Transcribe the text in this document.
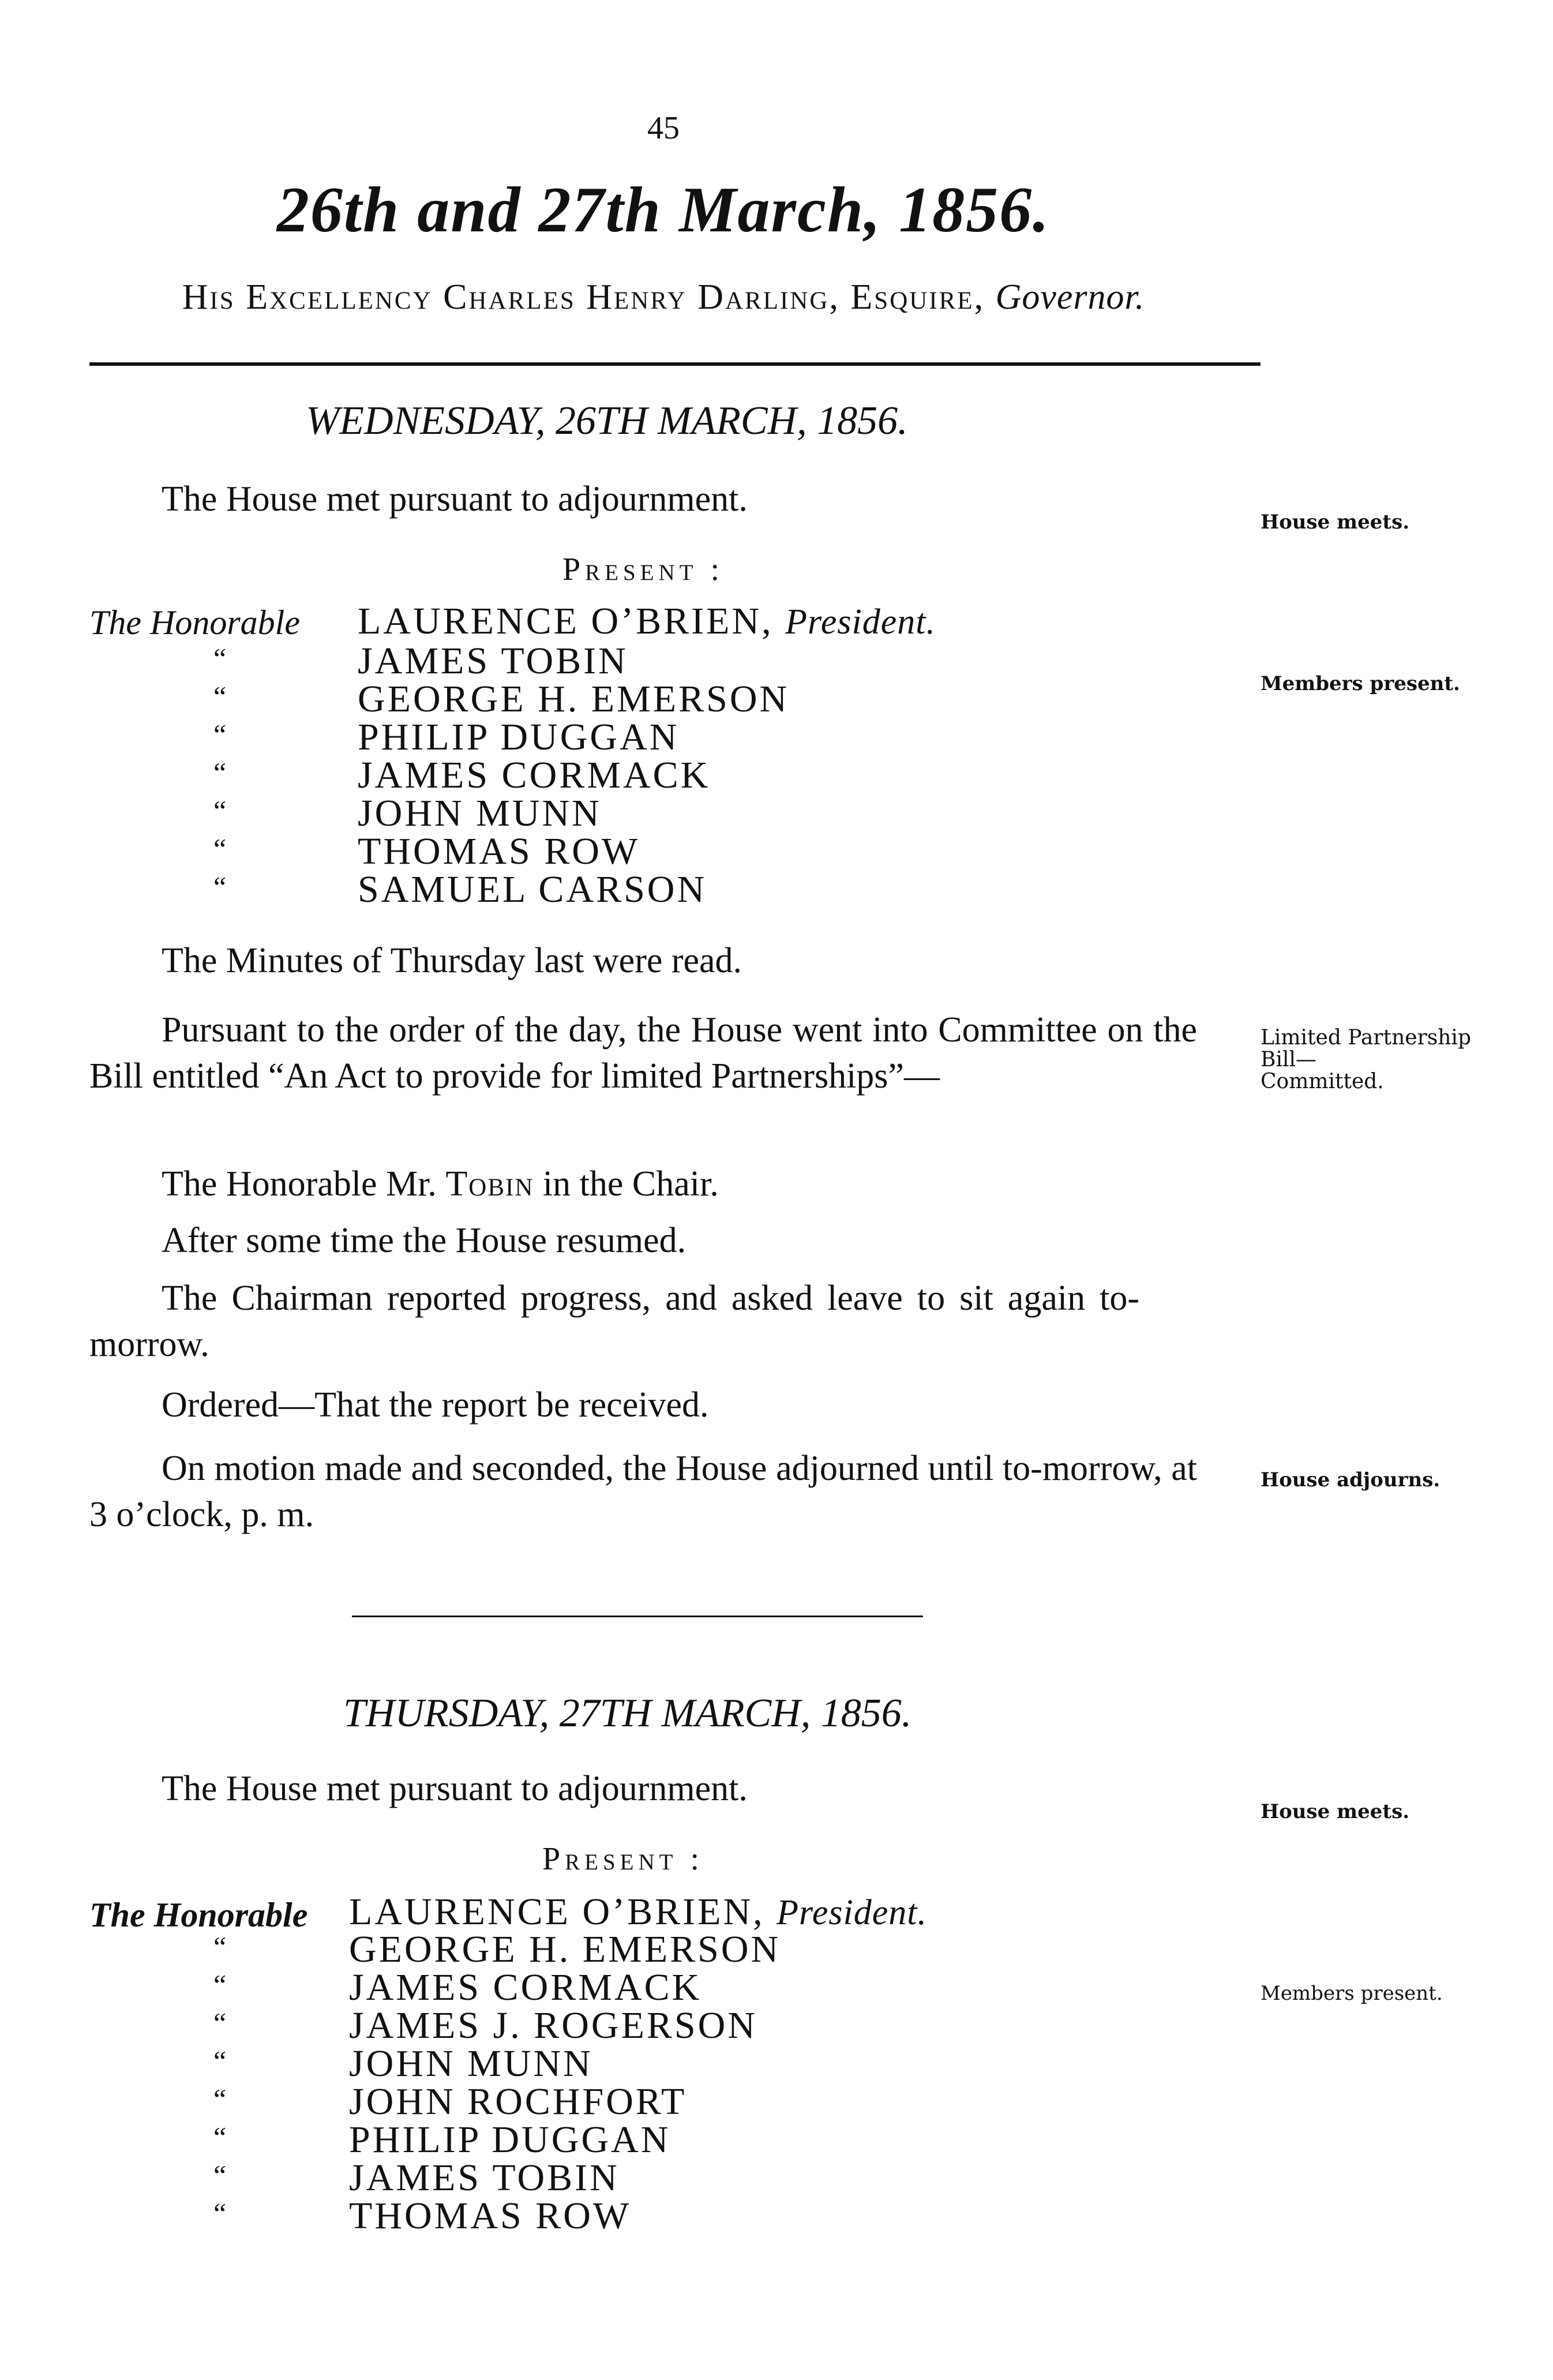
45
26th and 27th March, 1856.
His Excellency Charles Henry Darling, Esquire, Governor.
WEDNESDAY, 26TH MARCH, 1856.
The House met pursuant to adjournment.
House meets.
Present :
The Honorable LAURENCE O’BRIEN, President.
Members present.
“	JAMES TOBIN
“	GEORGE H. EMERSON
“	PHILIP DUGGAN
“	JAMES CORMACK
“	JOHN MUNN
“	THOMAS ROW
“	SAMUEL CARSON
The Minutes of Thursday last were read.
Pursuant to the order of the day, the House went into Committee on the Bill entitled “An Act to provide for limited Partnerships”—
Limited Partnership
Bill—
Committed.
The Honorable Mr. Tobin in the Chair.
After some time the House resumed.
The Chairman reported progress, and asked leave to sit again to-morrow.
Ordered—That the report be received.
On motion made and seconded, the House adjourned until to-morrow, at 3 o’clock, p. m.
House adjourns.
THURSDAY, 27TH MARCH, 1856.
The House met pursuant to adjournment.
House meets.
Present :
The Honorable LAURENCE O’BRIEN, President.
Members present.
“	GEORGE H. EMERSON
“	JAMES CORMACK
“	JAMES J. ROGERSON
“	JOHN MUNN
“	JOHN ROCHFORT
“	PHILIP DUGGAN
“	JAMES TOBIN
“	THOMAS ROW
